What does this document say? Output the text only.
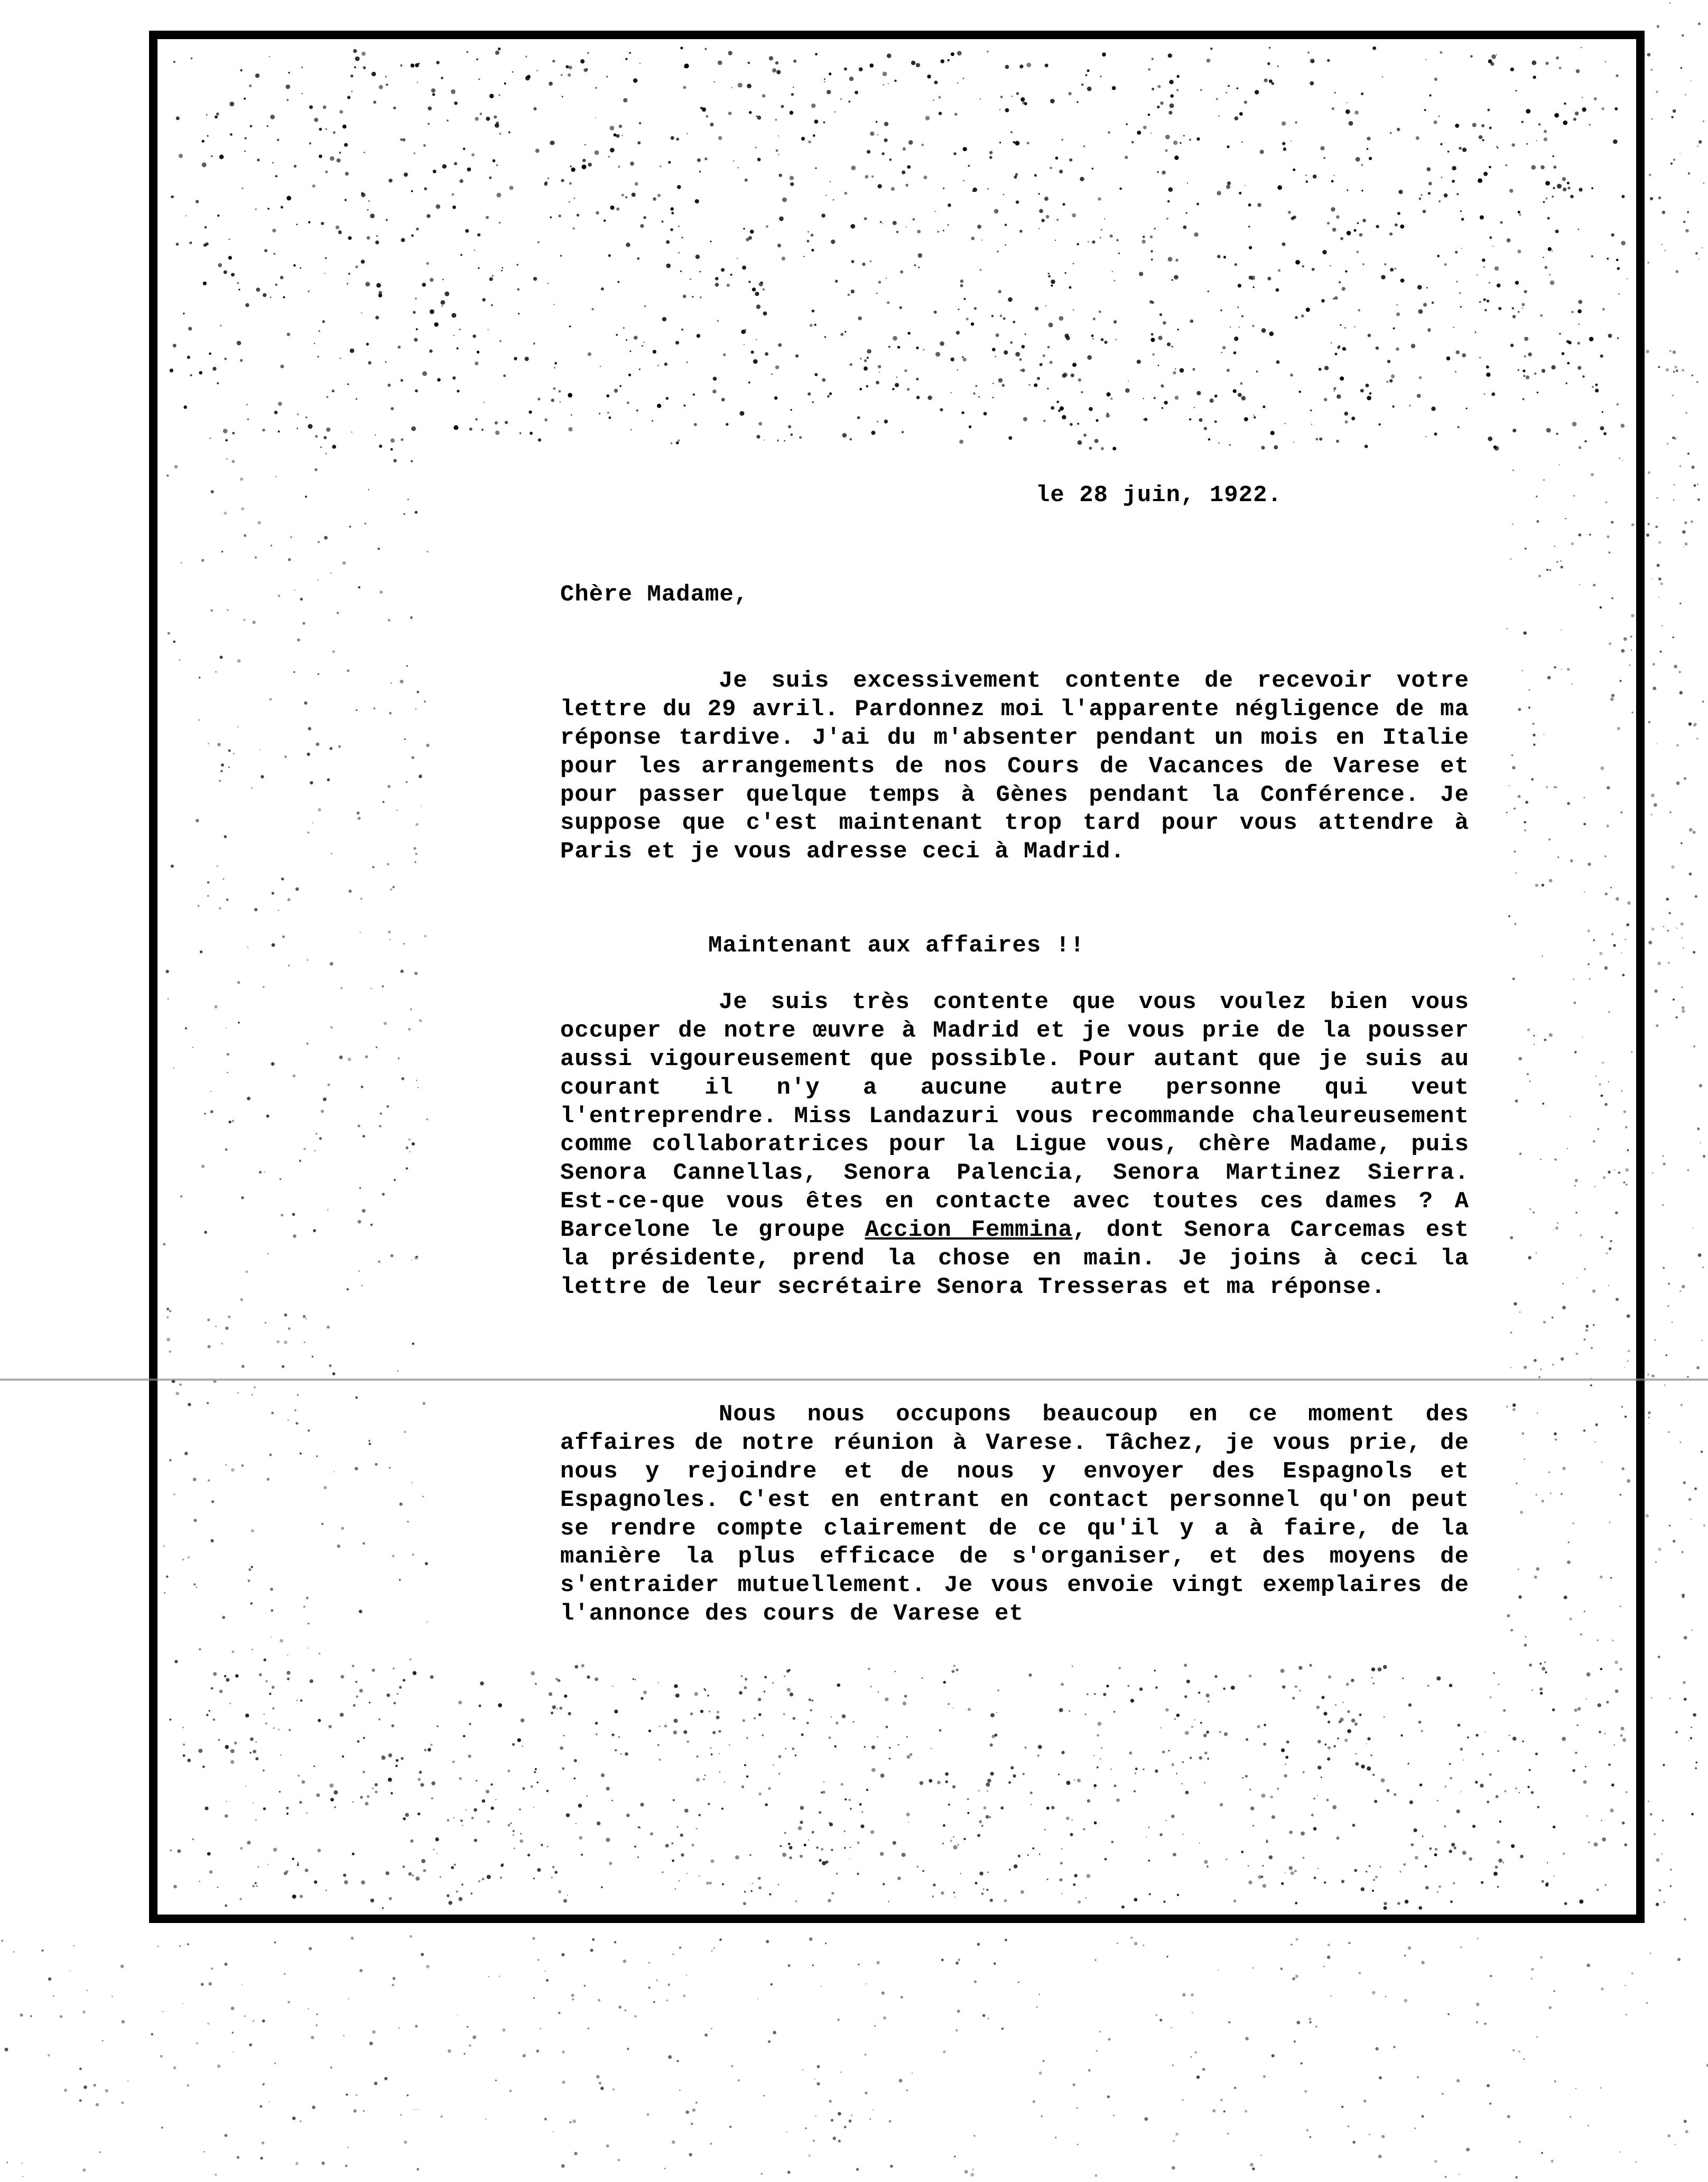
le 28 juin, 1922.
Chère Madame,
Je suis excessivement contente de recevoir votre lettre du 29 avril. Pardonnez moi l'apparente négligence de ma réponse tardive. J'ai du m'absenter pendant un mois en Italie pour les arrangements de nos Cours de Vacances de Varese et pour passer quelque temps à Gènes pendant la Conférence. Je suppose que c'est maintenant trop tard pour vous attendre à Paris et je vous adresse ceci à Madrid.
Maintenant aux affaires !!
Je suis très contente que vous voulez bien vous occuper de notre œuvre à Madrid et je vous prie de la pousser aussi vigoureusement que possible. Pour autant que je suis au courant il n'y a aucune autre personne qui veut l'entreprendre. Miss Landazuri vous recommande chaleureusement comme collaboratrices pour la Ligue vous, chère Madame, puis Senora Cannellas, Senora Palencia, Senora Martinez Sierra. Est-ce-que vous êtes en contacte avec toutes ces dames ? A Barcelone le groupe Accion Femmina, dont Senora Carcemas est la présidente, prend la chose en main. Je joins à ceci la lettre de leur secrétaire Senora Tresseras et ma réponse.
Nous nous occupons beaucoup en ce moment des affaires de notre réunion à Varese. Tâchez, je vous prie, de nous y rejoindre et de nous y envoyer des Espagnols et Espagnoles. C'est en entrant en contact personnel qu'on peut se rendre compte clairement de ce qu'il y a à faire, de la manière la plus efficace de s'organiser, et des moyens de s'entraider mutuellement. Je vous envoie vingt exemplaires de l'annonce des cours de Varese et
